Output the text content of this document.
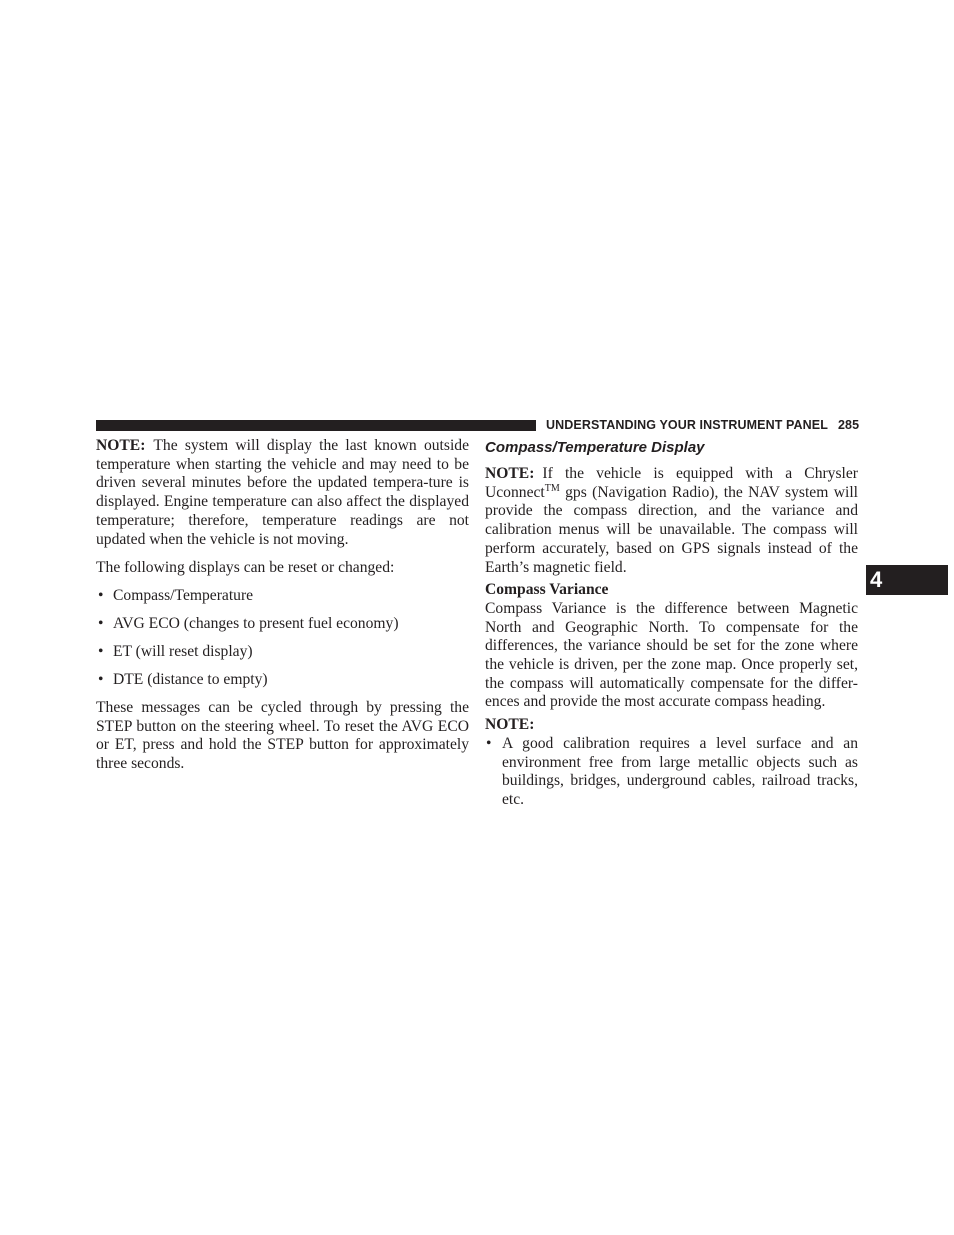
UNDERSTANDING YOUR INSTRUMENT PANEL 285
4

NOTE: The system will display the last known outside temperature when starting the vehicle and may need to be driven several minutes before the updated tempera-ture is displayed. Engine temperature can also affect the displayed temperature; therefore, temperature readings are not updated when the vehicle is not moving.

The following displays can be reset or changed:

• Compass/Temperature
• AVG ECO (changes to present fuel economy)
• ET (will reset display)
• DTE (distance to empty)

These messages can be cycled through by pressing the STEP button on the steering wheel. To reset the AVG ECO or ET, press and hold the STEP button for approximately three seconds.

Compass/Temperature Display

NOTE: If the vehicle is equipped with a Chrysler Uconnect™ gps (Navigation Radio), the NAV system will provide the compass direction, and the variance and calibration menus will be unavailable. The compass will perform accurately, based on GPS signals instead of the Earth’s magnetic field.

Compass Variance

Compass Variance is the difference between Magnetic North and Geographic North. To compensate for the differences, the variance should be set for the zone where the vehicle is driven, per the zone map. Once properly set, the compass will automatically compensate for the differ-ences and provide the most accurate compass heading.

NOTE:
• A good calibration requires a level surface and an environment free from large metallic objects such as buildings, bridges, underground cables, railroad tracks, etc.
